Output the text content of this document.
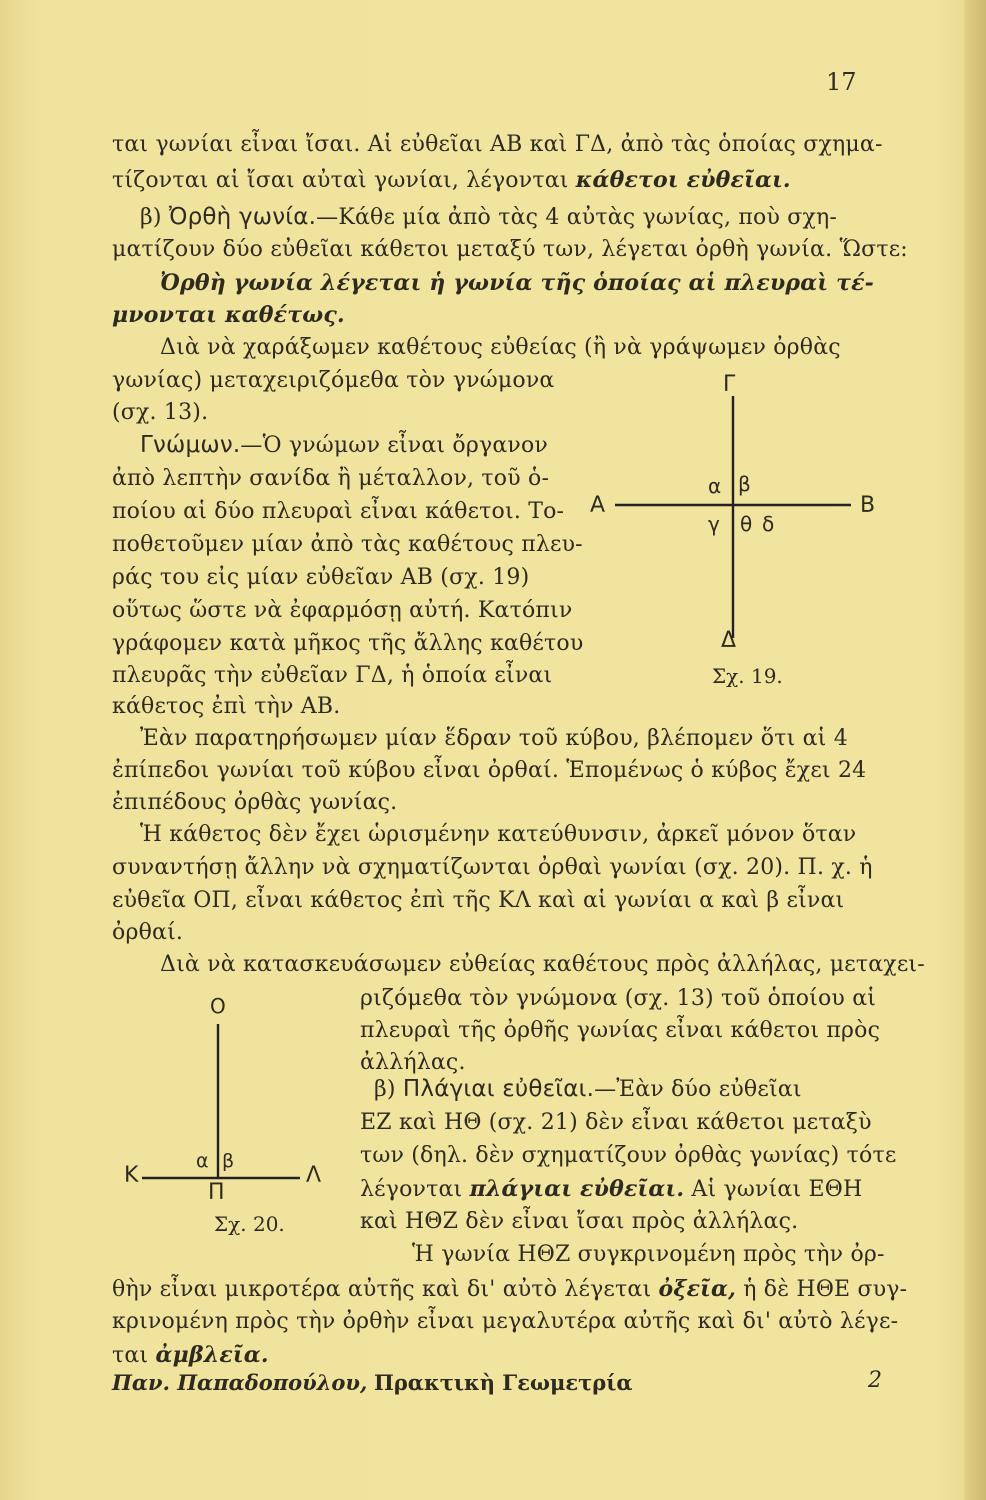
17
ται γωνίαι εἶναι ἴσαι. Αἱ εὐθεῖαι ΑΒ καὶ ΓΔ, ἀπὸ τὰς ὁποίας σχημα-
τίζονται αἱ ἴσαι αὐταὶ γωνίαι, λέγονται κάθετοι εὐθεῖαι.
β) Ὀρθὴ γωνία.—Κάθε μία ἀπὸ τὰς 4 αὐτὰς γωνίας, ποὺ σχη-
ματίζουν δύο εὐθεῖαι κάθετοι μεταξύ των, λέγεται ὀρθὴ γωνία. Ὥστε:
Ὀρθὴ γωνία λέγεται ἡ γωνία τῆς ὁποίας αἱ πλευραὶ τέ-
μνονται καθέτως.
Διὰ νὰ χαράξωμεν καθέτους εὐθείας (ἢ νὰ γράψωμεν ὀρθὰς
γωνίας) μεταχειριζόμεθα τὸν γνώμονα
(σχ. 13).
Γνώμων.—Ὁ γνώμων εἶναι ὄργανον
ἀπὸ λεπτὴν σανίδα ἢ μέταλλον, τοῦ ὁ-
ποίου αἱ δύο πλευραὶ εἶναι κάθετοι. Το-
ποθετοῦμεν μίαν ἀπὸ τὰς καθέτους πλευ-
ράς του εἰς μίαν εὐθεῖαν ΑΒ (σχ. 19)
οὕτως ὥστε νὰ ἐφαρμόσῃ αὐτή. Κατόπιν
γράφομεν κατὰ μῆκος τῆς ἄλλης καθέτου
πλευρᾶς τὴν εὐθεῖαν ΓΔ, ἡ ὁποία εἶναι
κάθετος ἐπὶ τὴν ΑΒ.
Ἐὰν παρατηρήσωμεν μίαν ἕδραν τοῦ κύβου, βλέπομεν ὅτι αἱ 4
ἐπίπεδοι γωνίαι τοῦ κύβου εἶναι ὀρθαί. Ἑπομένως ὁ κύβος ἔχει 24
ἐπιπέδους ὀρθὰς γωνίας.
Ἡ κάθετος δὲν ἔχει ὡρισμένην κατεύθυνσιν, ἀρκεῖ μόνον ὅταν
συναντήσῃ ἄλλην νὰ σχηματίζωνται ὀρθαὶ γωνίαι (σχ. 20). Π. χ. ἡ
εὐθεῖα ΟΠ, εἶναι κάθετος ἐπὶ τῆς ΚΛ καὶ αἱ γωνίαι α καὶ β εἶναι
ὀρθαί.
Διὰ νὰ κατασκευάσωμεν εὐθείας καθέτους πρὸς ἀλλήλας, μεταχει-
ριζόμεθα τὸν γνώμονα (σχ. 13) τοῦ ὁποίου αἱ
πλευραὶ τῆς ὀρθῆς γωνίας εἶναι κάθετοι πρὸς
ἀλλήλας.
β) Πλάγιαι εὐθεῖαι.—Ἐὰν δύο εὐθεῖαι
ΕΖ καὶ ΗΘ (σχ. 21) δὲν εἶναι κάθετοι μεταξὺ
των (δηλ. δὲν σχηματίζουν ὀρθὰς γωνίας) τότε
λέγονται πλάγιαι εὐθεῖαι. Αἱ γωνίαι ΕΘΗ
καὶ ΗΘΖ δὲν εἶναι ἴσαι πρὸς ἀλλήλας.
Ἡ γωνία ΗΘΖ συγκρινομένη πρὸς τὴν ὀρ-
θὴν εἶναι μικροτέρα αὐτῆς καὶ δι' αὐτὸ λέγεται ὀξεῖα, ἡ δὲ ΗΘΕ συγ-
κρινομένη πρὸς τὴν ὀρθὴν εἶναι μεγαλυτέρα αὐτῆς καὶ δι' αὐτὸ λέγε-
ται ἀμβλεῖα.
Γ
Α	Β
Δ
α β
γ θ δ
Σχ. 19.
Ο
Κ	Λ
Π
α β
Σχ. 20.
Παν. Παπαδοπούλου, Πρακτικὴ Γεωμετρία	2
